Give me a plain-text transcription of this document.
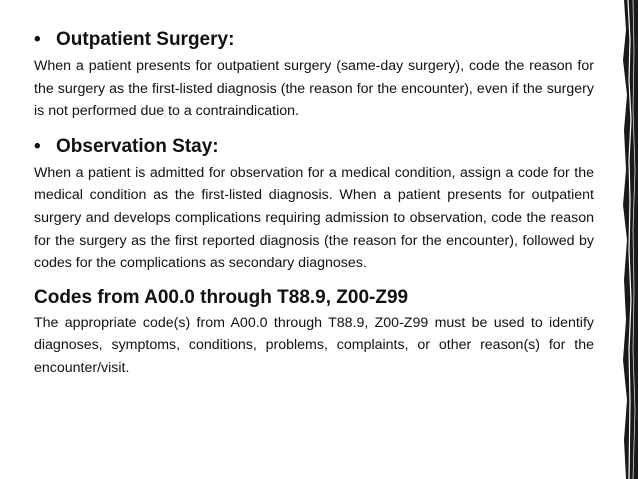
• Outpatient Surgery:

When a patient presents for outpatient surgery (same-day surgery), code the reason for the surgery as the first-listed diagnosis (the reason for the encounter), even if the surgery is not performed due to a contraindication.

• Observation Stay:

When a patient is admitted for observation for a medical condition, assign a code for the medical condition as the first-listed diagnosis. When a patient presents for outpatient surgery and develops complications requiring admission to observation, code the reason for the surgery as the first reported diagnosis (the reason for the encounter), followed by codes for the complications as secondary diagnoses.

Codes from A00.0 through T88.9, Z00-Z99

The appropriate code(s) from A00.0 through T88.9, Z00-Z99 must be used to identify diagnoses, symptoms, conditions, problems, complaints, or other reason(s) for the encounter/visit.
